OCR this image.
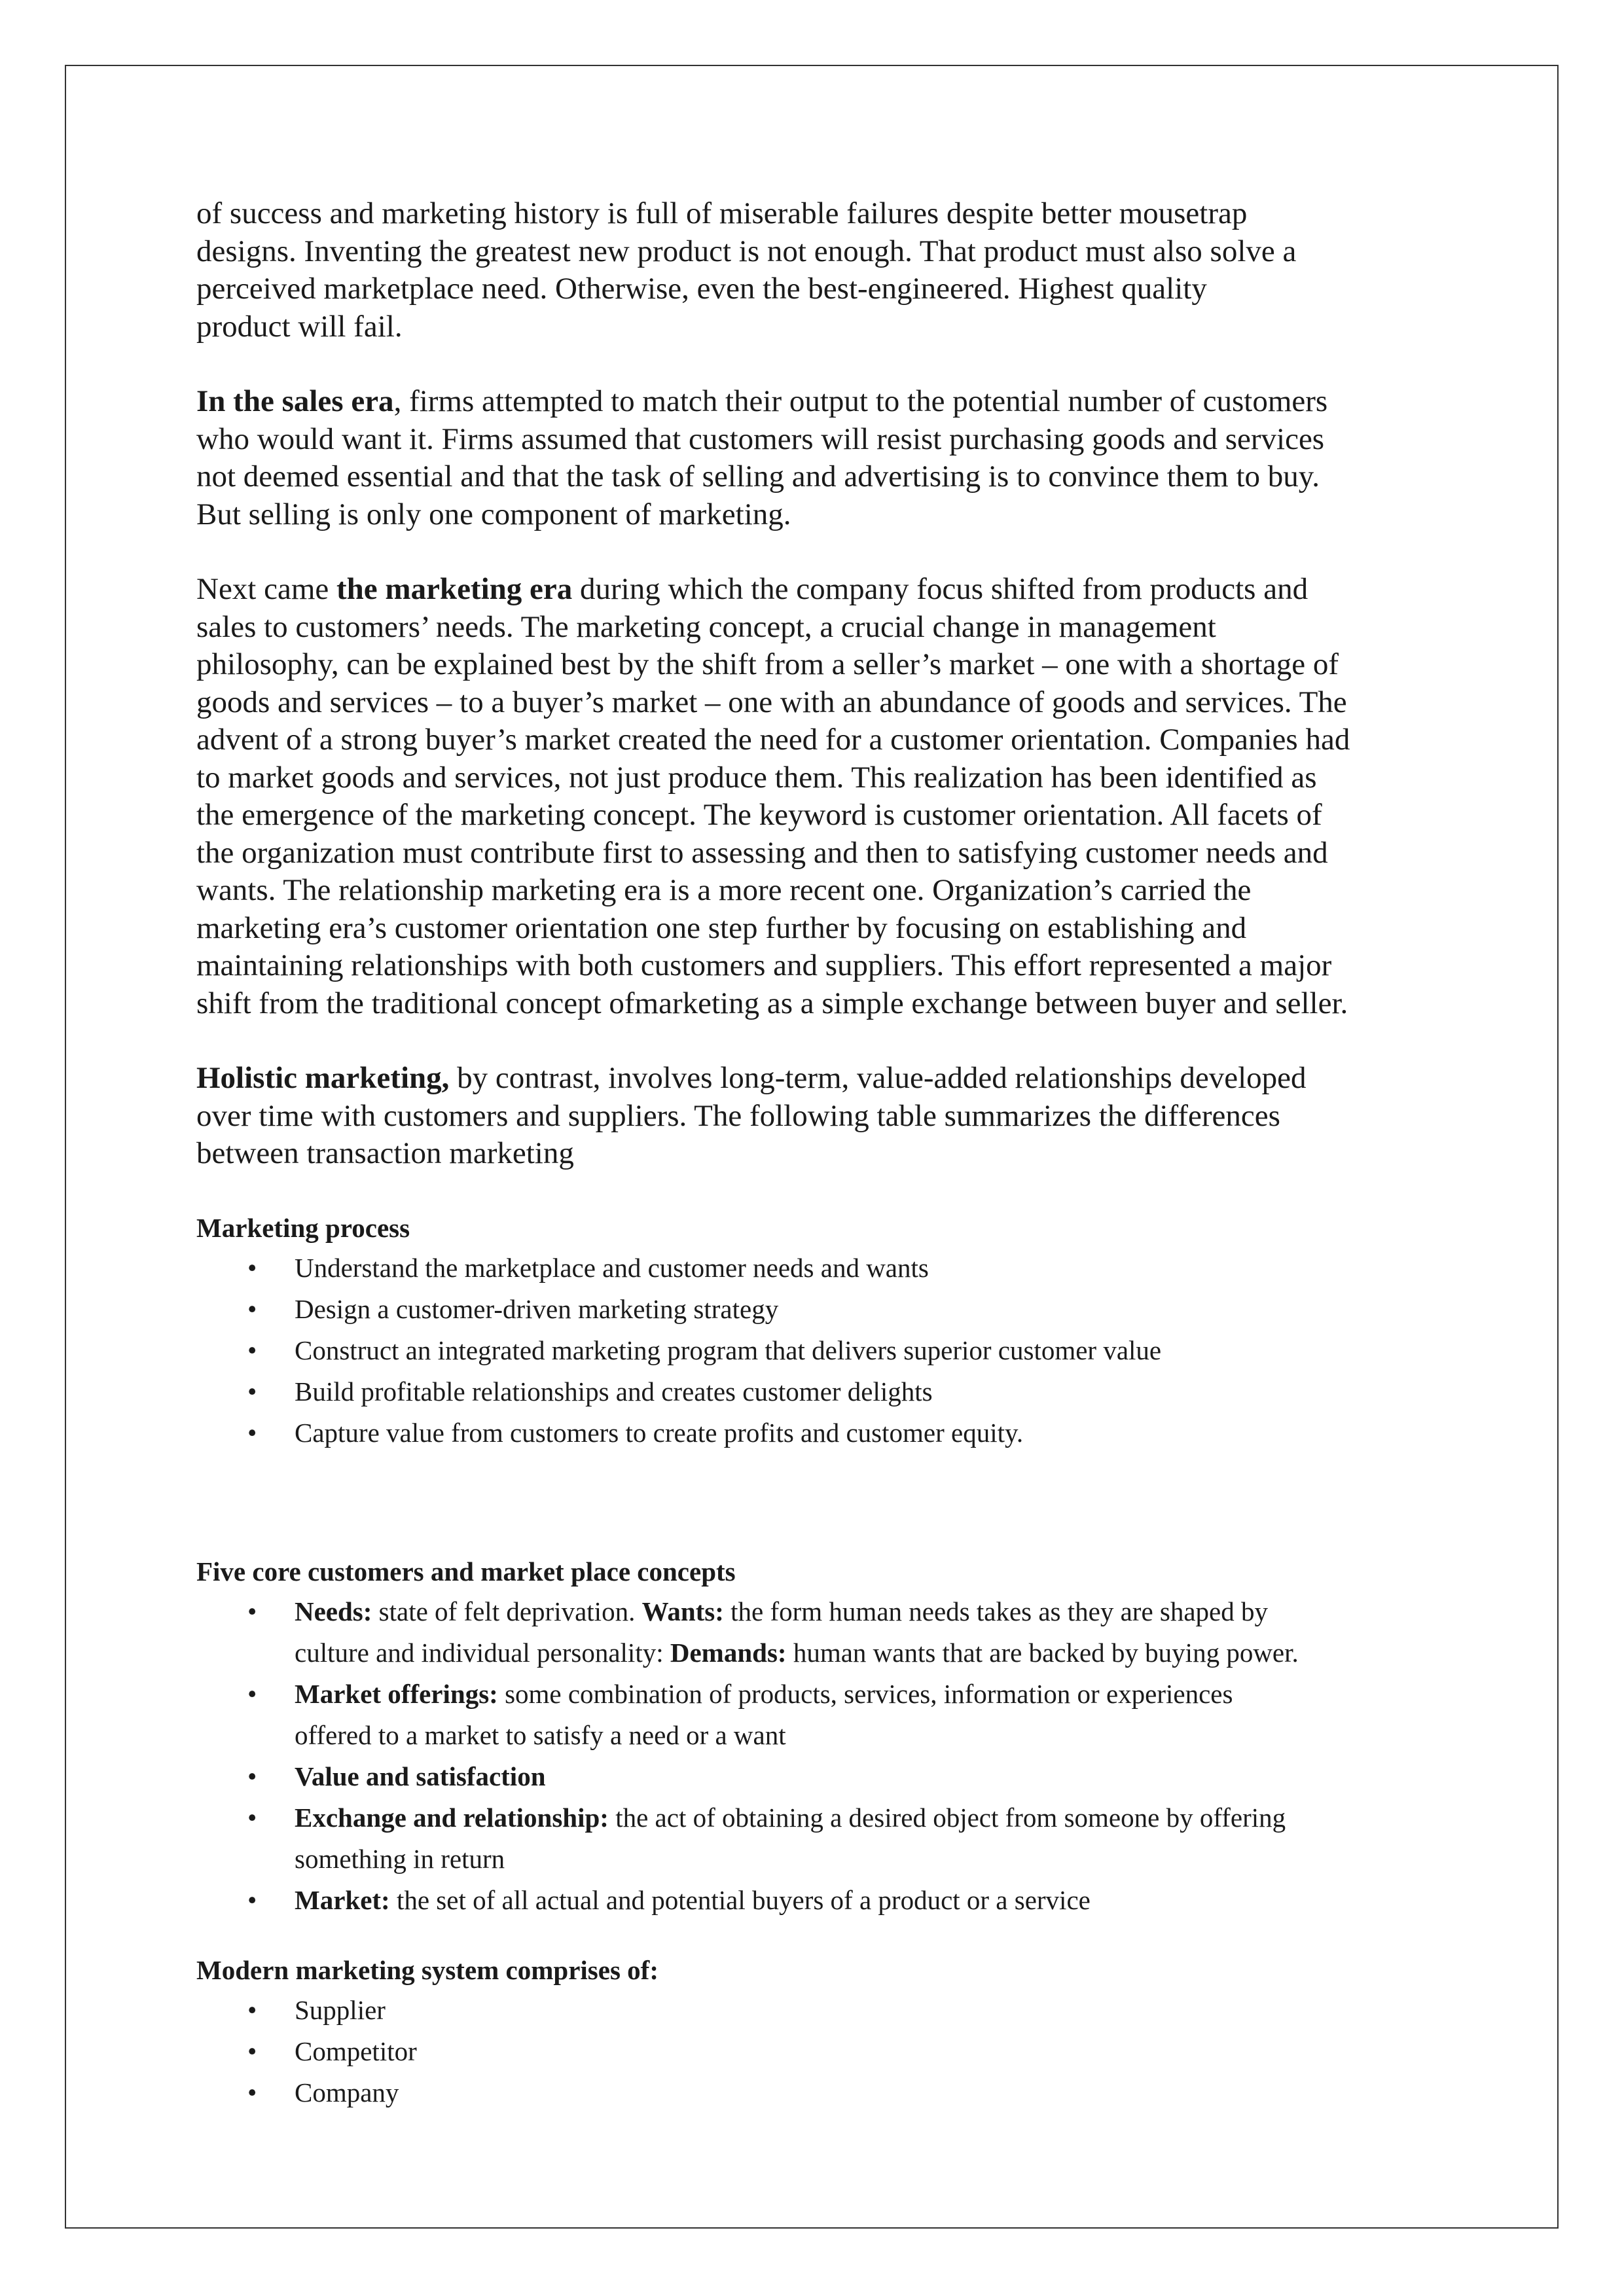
of success and marketing history is full of miserable failures despite better mousetrap
designs. Inventing the greatest new product is not enough. That product must also solve a
perceived marketplace need. Otherwise, even the best-engineered. Highest quality
product will fail.

In the sales era, firms attempted to match their output to the potential number of customers
who would want it. Firms assumed that customers will resist purchasing goods and services
not deemed essential and that the task of selling and advertising is to convince them to buy.
But selling is only one component of marketing.

Next came the marketing era during which the company focus shifted from products and
sales to customers’ needs. The marketing concept, a crucial change in management
philosophy, can be explained best by the shift from a seller’s market – one with a shortage of
goods and services – to a buyer’s market – one with an abundance of goods and services. The
advent of a strong buyer’s market created the need for a customer orientation. Companies had
to market goods and services, not just produce them. This realization has been identified as
the emergence of the marketing concept. The keyword is customer orientation. All facets of
the organization must contribute first to assessing and then to satisfying customer needs and
wants. The relationship marketing era is a more recent one. Organization’s carried the
marketing era’s customer orientation one step further by focusing on establishing and
maintaining relationships with both customers and suppliers. This effort represented a major
shift from the traditional concept ofmarketing as a simple exchange between buyer and seller.

Holistic marketing, by contrast, involves long-term, value-added relationships developed
over time with customers and suppliers. The following table summarizes the differences
between transaction marketing

Marketing process
• Understand the marketplace and customer needs and wants
• Design a customer-driven marketing strategy
• Construct an integrated marketing program that delivers superior customer value
• Build profitable relationships and creates customer delights
• Capture value from customers to create profits and customer equity.
Five core customers and market place concepts
• Needs: state of felt deprivation. Wants: the form human needs takes as they are shaped by
culture and individual personality: Demands: human wants that are backed by buying power.
• Market offerings: some combination of products, services, information or experiences
offered to a market to satisfy a need or a want
• Value and satisfaction
• Exchange and relationship: the act of obtaining a desired object from someone by offering
something in return
• Market: the set of all actual and potential buyers of a product or a service
Modern marketing system comprises of:
• Supplier
• Competitor
• Company
